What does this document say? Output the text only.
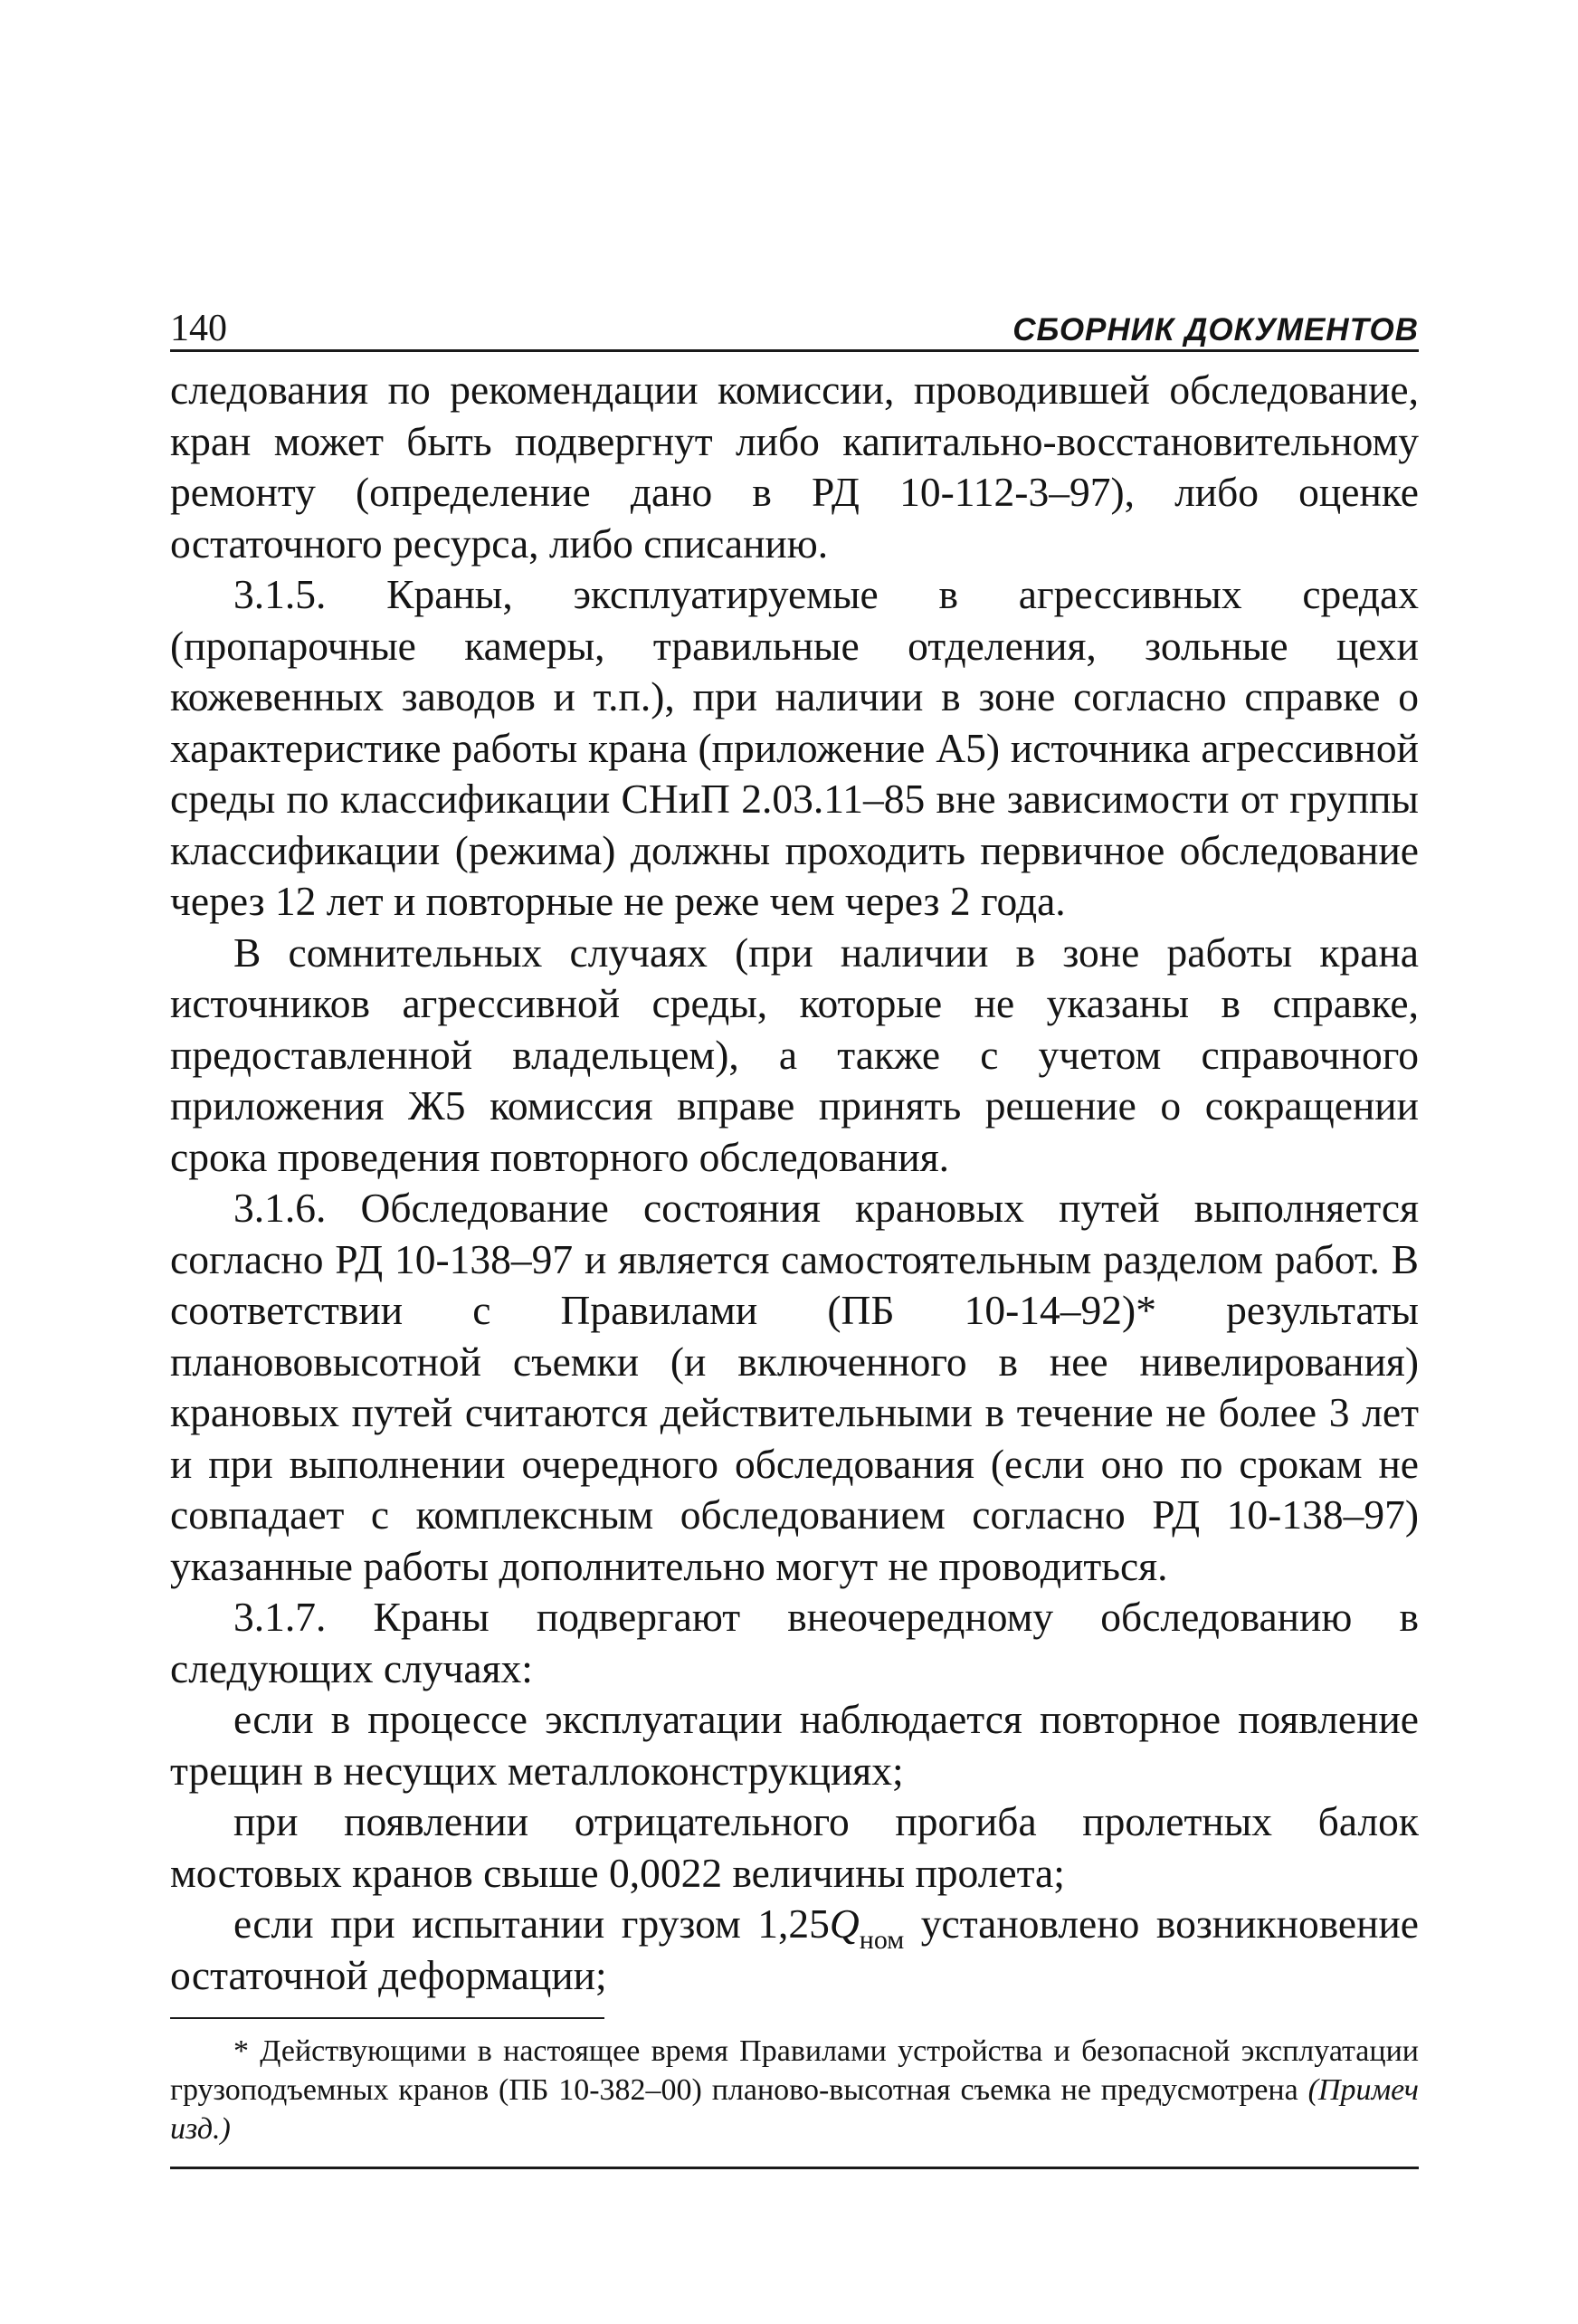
140	СБОРНИК ДОКУМЕНТОВ

следования по рекомендации комиссии, проводившей обследование, кран может быть подвергнут либо капитально-восстановительному ремонту (определение дано в РД 10-112-3–97), либо оценке остаточного ресурса, либо списанию.

3.1.5. Краны, эксплуатируемые в агрессивных средах (пропарочные камеры, травильные отделения, зольные цехи кожевенных заводов и т.п.), при наличии в зоне согласно справке о характеристике работы крана (приложение А5) источника агрессивной среды по классификации СНиП 2.03.11–85 вне зависимости от группы классификации (режима) должны проходить первичное обследование через 12 лет и повторные не реже чем через 2 года.

В сомнительных случаях (при наличии в зоне работы крана источников агрессивной среды, которые не указаны в справке, предоставленной владельцем), а также с учетом справочного приложения Ж5 комиссия вправе принять решение о сокращении срока проведения повторного обследования.

3.1.6. Обследование состояния крановых путей выполняется согласно РД 10-138–97 и является самостоятельным разделом работ. В соответствии с Правилами (ПБ 10-14–92)* результаты планововысотной съемки (и включенного в нее нивелирования) крановых путей считаются действительными в течение не более 3 лет и при выполнении очередного обследования (если оно по срокам не совпадает с комплексным обследованием согласно РД 10-138–97) указанные работы дополнительно могут не проводиться.

3.1.7. Краны подвергают внеочередному обследованию в следующих случаях:

если в процессе эксплуатации наблюдается повторное появление трещин в несущих металлоконструкциях;

при появлении отрицательного прогиба пролетных балок мостовых кранов свыше 0,0022 величины пролета;

если при испытании грузом $1,25Q_{ном}$ установлено возникновение остаточной деформации;

* Действующими в настоящее время Правилами устройства и безопасной эксплуатации грузоподъемных кранов (ПБ 10-382–00) планово-высотная съемка не предусмотрена (Примеч изд.)
